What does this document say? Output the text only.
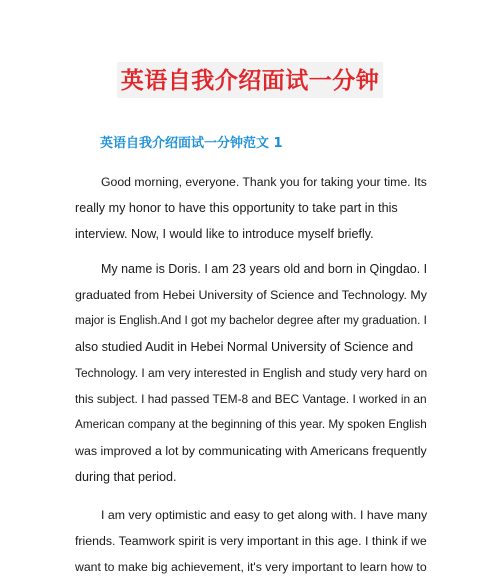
英语自我介绍面试一分钟
英语自我介绍面试一分钟范文 1
Good morning, everyone. Thank you for taking your time. Its
really my honor to have this opportunity to take part in this
interview. Now, I would like to introduce myself briefly.
My name is Doris. I am 23 years old and born in Qingdao. I
graduated from Hebei University of Science and Technology. My
major is English.And I got my bachelor degree after my graduation. I
also studied Audit in Hebei Normal University of Science and
Technology. I am very interested in English and study very hard on
this subject. I had passed TEM-8 and BEC Vantage. I worked in an
American company at the beginning of this year. My spoken English
was improved a lot by communicating with Americans frequently
during that period.
I am very optimistic and easy to get along with. I have many
friends. Teamwork spirit is very important in this age. I think if we
want to make big achievement, it's very important to learn how to
